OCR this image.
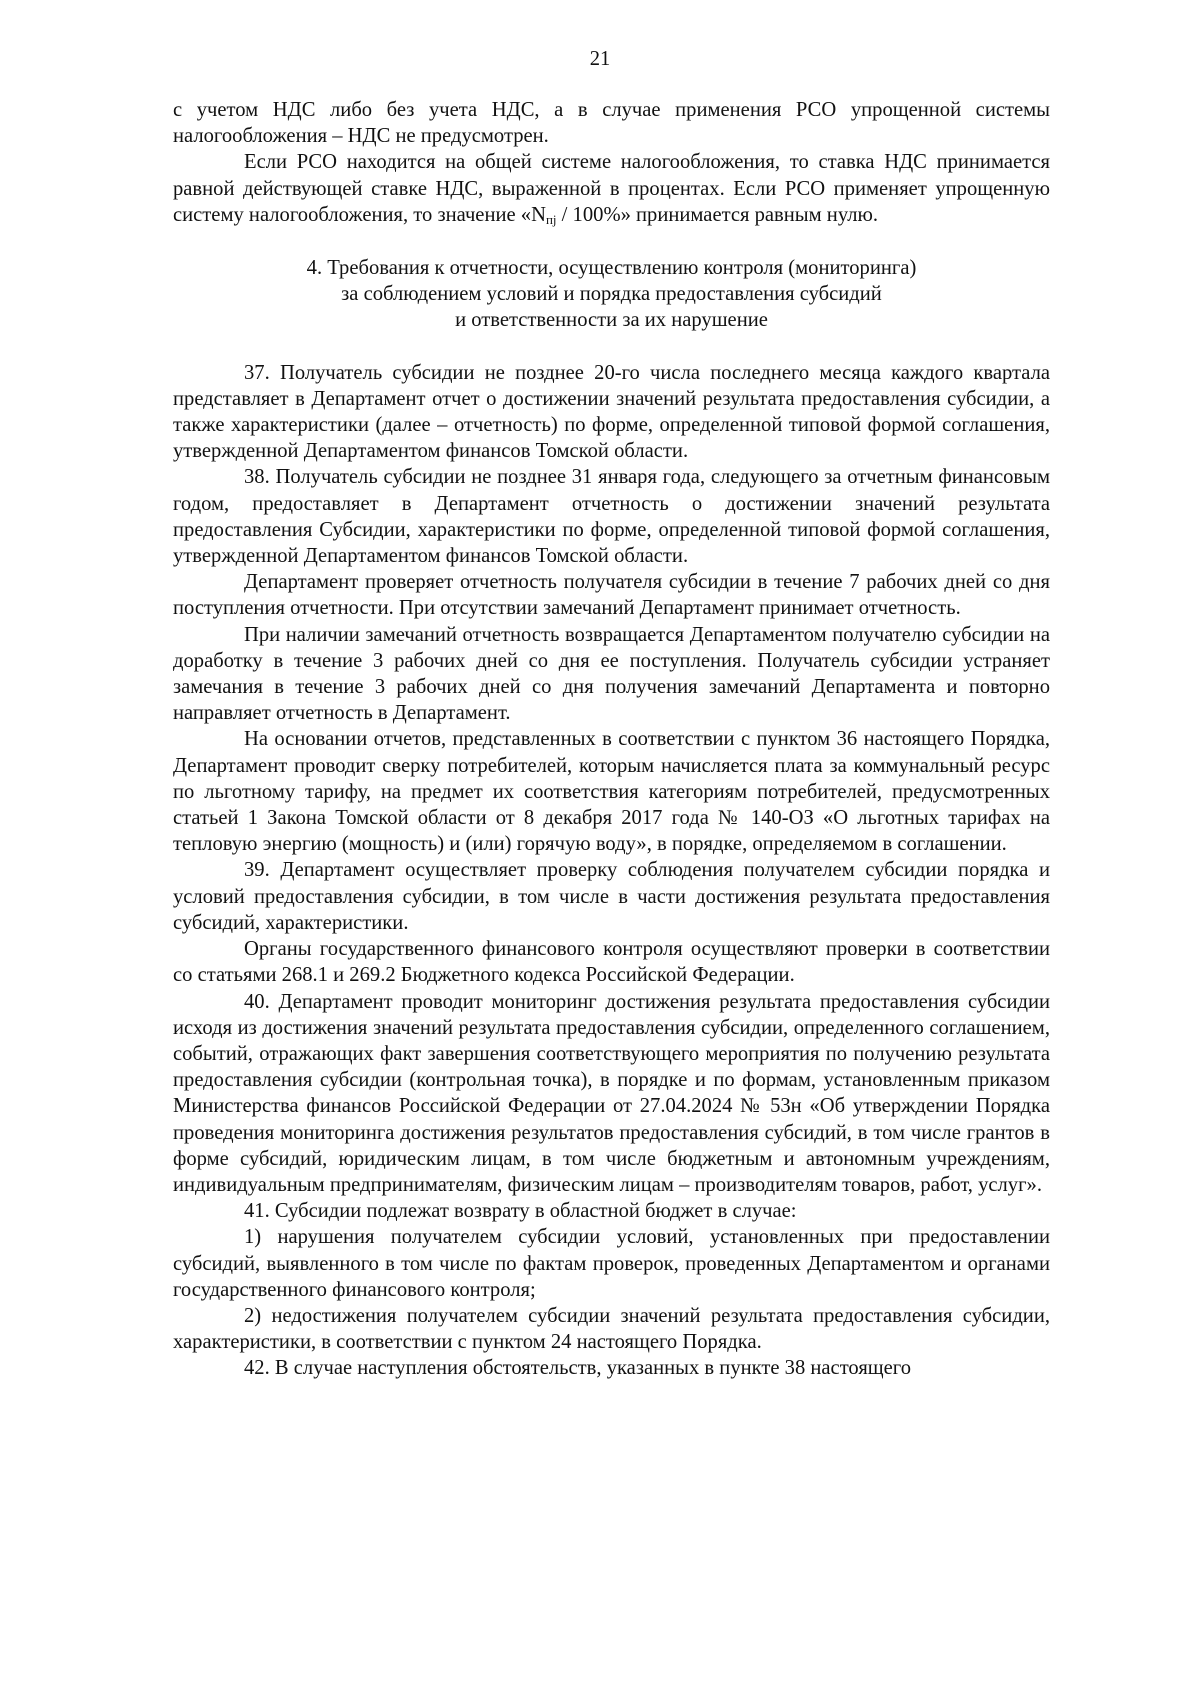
21

с учетом НДС либо без учета НДС, а в случае применения РСО упрощенной системы налогообложения – НДС не предусмотрен.

Если РСО находится на общей системе налогообложения, то ставка НДС принимается равной действующей ставке НДС, выраженной в процентах. Если РСО применяет упрощенную систему налогообложения, то значение «$N_{пj} / 100\%$» принимается равным нулю.

4. Требования к отчетности, осуществлению контроля (мониторинга)
за соблюдением условий и порядка предоставления субсидий
и ответственности за их нарушение

37. Получатель субсидии не позднее 20-го числа последнего месяца каждого квартала представляет в Департамент отчет о достижении значений результата предоставления субсидии, а также характеристики (далее – отчетность) по форме, определенной типовой формой соглашения, утвержденной Департаментом финансов Томской области.

38. Получатель субсидии не позднее 31 января года, следующего за отчетным финансовым годом, предоставляет в Департамент отчетность о достижении значений результата предоставления Субсидии, характеристики по форме, определенной типовой формой соглашения, утвержденной Департаментом финансов Томской области.

Департамент проверяет отчетность получателя субсидии в течение 7 рабочих дней со дня поступления отчетности. При отсутствии замечаний Департамент принимает отчетность.

При наличии замечаний отчетность возвращается Департаментом получателю субсидии на доработку в течение 3 рабочих дней со дня ее поступления. Получатель субсидии устраняет замечания в течение 3 рабочих дней со дня получения замечаний Департамента и повторно направляет отчетность в Департамент.

На основании отчетов, представленных в соответствии с пунктом 36 настоящего Порядка, Департамент проводит сверку потребителей, которым начисляется плата за коммунальный ресурс по льготному тарифу, на предмет их соответствия категориям потребителей, предусмотренных статьей 1 Закона Томской области от 8 декабря 2017 года № 140-ОЗ «О льготных тарифах на тепловую энергию (мощность) и (или) горячую воду», в порядке, определяемом в соглашении.

39. Департамент осуществляет проверку соблюдения получателем субсидии порядка и условий предоставления субсидии, в том числе в части достижения результата предоставления субсидий, характеристики.

Органы государственного финансового контроля осуществляют проверки в соответствии со статьями 268.1 и 269.2 Бюджетного кодекса Российской Федерации.

40. Департамент проводит мониторинг достижения результата предоставления субсидии исходя из достижения значений результата предоставления субсидии, определенного соглашением, событий, отражающих факт завершения соответствующего мероприятия по получению результата предоставления субсидии (контрольная точка), в порядке и по формам, установленным приказом Министерства финансов Российской Федерации от 27.04.2024 № 53н «Об утверждении Порядка проведения мониторинга достижения результатов предоставления субсидий, в том числе грантов в форме субсидий, юридическим лицам, в том числе бюджетным и автономным учреждениям, индивидуальным предпринимателям, физическим лицам – производителям товаров, работ, услуг».

41. Субсидии подлежат возврату в областной бюджет в случае:

1) нарушения получателем субсидии условий, установленных при предоставлении субсидий, выявленного в том числе по фактам проверок, проведенных Департаментом и органами государственного финансового контроля;

2) недостижения получателем субсидии значений результата предоставления субсидии, характеристики, в соответствии с пунктом 24 настоящего Порядка.

42. В случае наступления обстоятельств, указанных в пункте 38 настоящего
